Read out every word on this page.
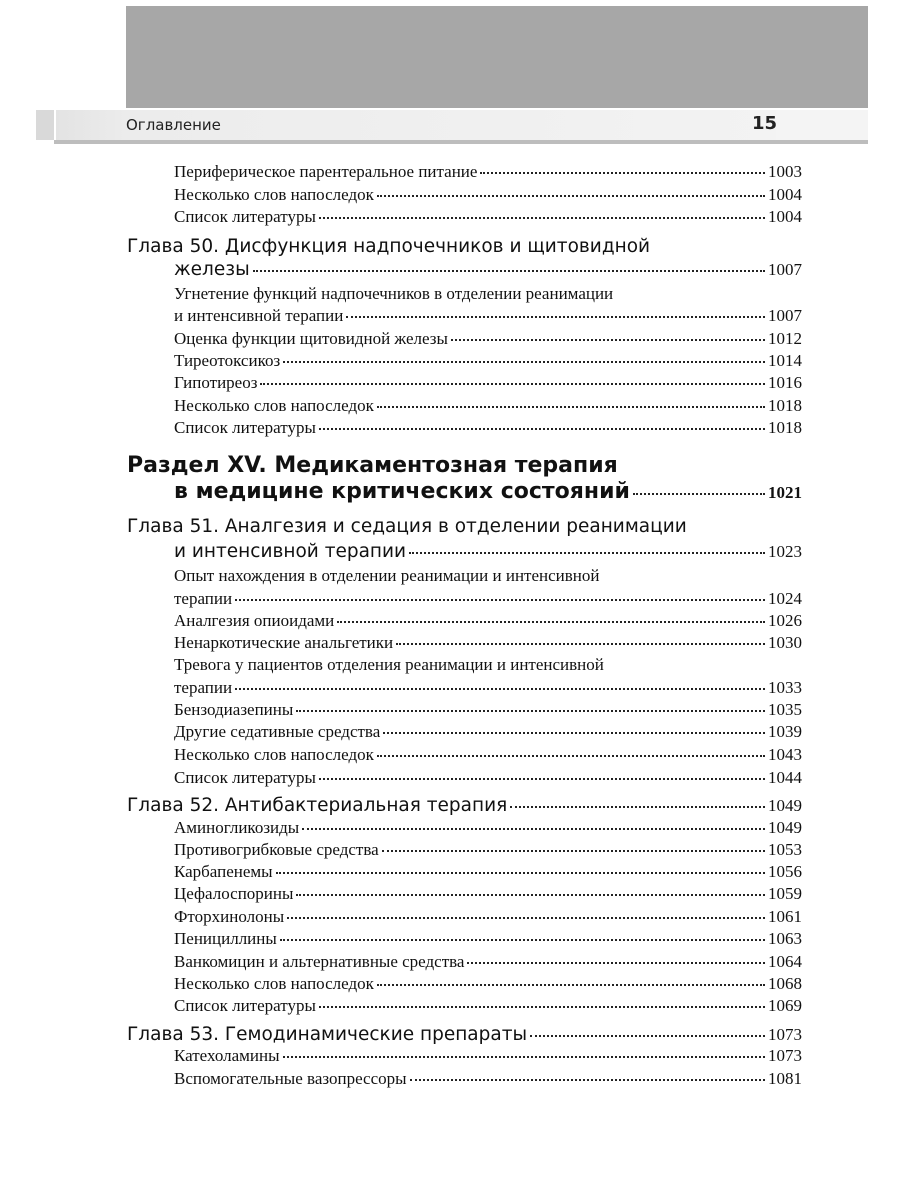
Оглавление	15
Периферическое парентеральное питание	1003
Несколько слов напоследок	1004
Список литературы	1004
Глава 50. Дисфункция надпочечников и щитовидной
железы	1007
Угнетение функций надпочечников в отделении реанимации
и интенсивной терапии	1007
Оценка функции щитовидной железы	1012
Тиреотоксикоз	1014
Гипотиреоз	1016
Несколько слов напоследок	1018
Список литературы	1018
Раздел XV. Медикаментозная терапия
в медицине критических состояний	1021
Глава 51. Аналгезия и седация в отделении реанимации
и интенсивной терапии	1023
Опыт нахождения в отделении реанимации и интенсивной
терапии	1024
Аналгезия опиоидами	1026
Ненаркотические анальгетики	1030
Тревога у пациентов отделения реанимации и интенсивной
терапии	1033
Бензодиазепины	1035
Другие седативные средства	1039
Несколько слов напоследок	1043
Список литературы	1044
Глава 52. Антибактериальная терапия	1049
Аминогликозиды	1049
Противогрибковые средства	1053
Карбапенемы	1056
Цефалоспорины	1059
Фторхинолоны	1061
Пенициллины	1063
Ванкомицин и альтернативные средства	1064
Несколько слов напоследок	1068
Список литературы	1069
Глава 53. Гемодинамические препараты	1073
Катехоламины	1073
Вспомогательные вазопрессоры	1081
